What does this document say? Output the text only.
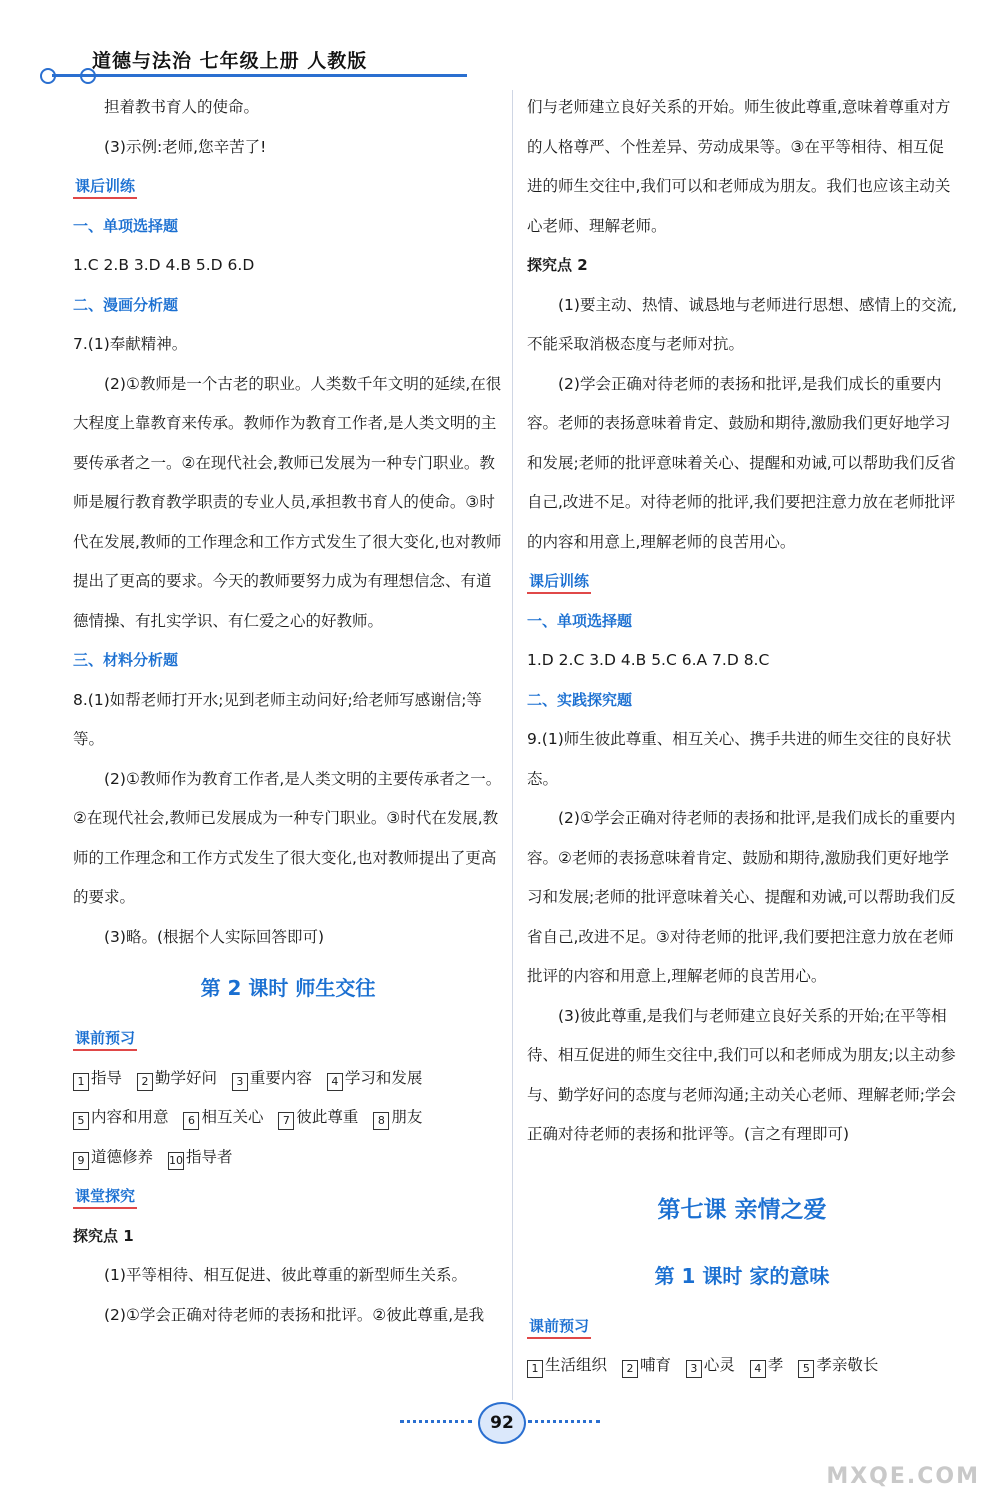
道德与法治 七年级上册 人教版

担着教书育人的使命。

(3)示例:老师,您辛苦了!

课后训练

一、单项选择题

1.C 2.B 3.D 4.B 5.D 6.D

二、漫画分析题

7.(1)奉献精神。

(2)①教师是一个古老的职业。人类数千年文明的延续,在很大程度上靠教育来传承。教师作为教育工作者,是人类文明的主要传承者之一。②在现代社会,教师已发展为一种专门职业。教师是履行教育教学职责的专业人员,承担教书育人的使命。③时代在发展,教师的工作理念和工作方式发生了很大变化,也对教师提出了更高的要求。今天的教师要努力成为有理想信念、有道德情操、有扎实学识、有仁爱之心的好教师。

三、材料分析题

8.(1)如帮老师打开水;见到老师主动问好;给老师写感谢信;等等。

(2)①教师作为教育工作者,是人类文明的主要传承者之一。②在现代社会,教师已发展成为一种专门职业。③时代在发展,教师的工作理念和工作方式发生了很大变化,也对教师提出了更高的要求。

(3)略。(根据个人实际回答即可)

第 2 课时 师生交往

课前预习

1 指导 2 勤学好问 3 重要内容 4 学习和发展 5 内容和用意 6 相互关心 7 彼此尊重 8 朋友 9 道德修养 10 指导者

课堂探究

探究点 1

(1)平等相待、相互促进、彼此尊重的新型师生关系。

(2)①学会正确对待老师的表扬和批评。②彼此尊重,是我

们与老师建立良好关系的开始。师生彼此尊重,意味着尊重对方的人格尊严、个性差异、劳动成果等。③在平等相待、相互促进的师生交往中,我们可以和老师成为朋友。我们也应该主动关心老师、理解老师。

探究点 2

(1)要主动、热情、诚恳地与老师进行思想、感情上的交流,不能采取消极态度与老师对抗。

(2)学会正确对待老师的表扬和批评,是我们成长的重要内容。老师的表扬意味着肯定、鼓励和期待,激励我们更好地学习和发展;老师的批评意味着关心、提醒和劝诫,可以帮助我们反省自己,改进不足。对待老师的批评,我们要把注意力放在老师批评的内容和用意上,理解老师的良苦用心。

课后训练

一、单项选择题

1.D 2.C 3.D 4.B 5.C 6.A 7.D 8.C

二、实践探究题

9.(1)师生彼此尊重、相互关心、携手共进的师生交往的良好状态。

(2)①学会正确对待老师的表扬和批评,是我们成长的重要内容。②老师的表扬意味着肯定、鼓励和期待,激励我们更好地学习和发展;老师的批评意味着关心、提醒和劝诫,可以帮助我们反省自己,改进不足。③对待老师的批评,我们要把注意力放在老师批评的内容和用意上,理解老师的良苦用心。

(3)彼此尊重,是我们与老师建立良好关系的开始;在平等相待、相互促进的师生交往中,我们可以和老师成为朋友;以主动参与、勤学好问的态度与老师沟通;主动关心老师、理解老师;学会正确对待老师的表扬和批评等。(言之有理即可)

第七课 亲情之爱

第 1 课时 家的意味

课前预习

1 生活组织 2 哺育 3 心灵 4 孝 5 孝亲敬长

92
MXQE.COM
